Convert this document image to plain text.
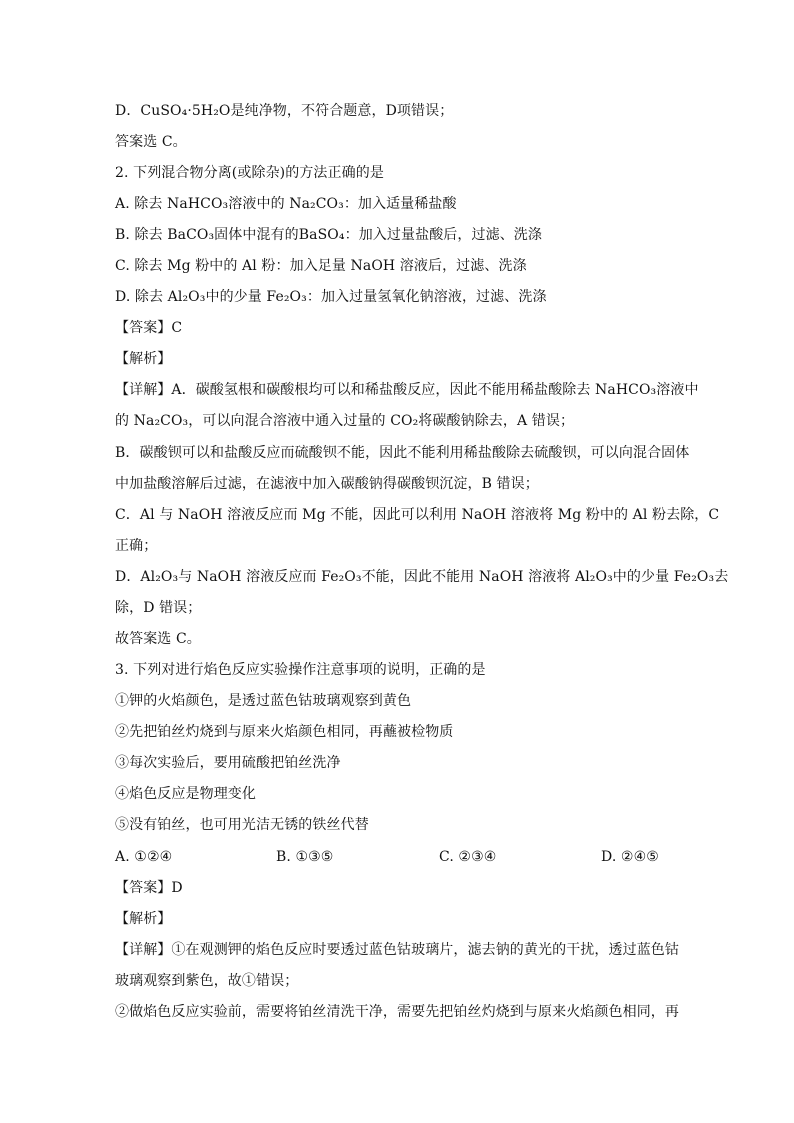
D．CuSO₄·5H₂O是纯净物，不符合题意，D项错误；
答案选 C。
2. 下列混合物分离(或除杂)的方法正确的是
A. 除去 NaHCO₃溶液中的 Na₂CO₃：加入适量稀盐酸
B. 除去 BaCO₃固体中混有的BaSO₄：加入过量盐酸后，过滤、洗涤
C. 除去 Mg 粉中的 Al 粉：加入足量 NaOH 溶液后，过滤、洗涤
D. 除去 Al₂O₃中的少量 Fe₂O₃：加入过量氢氧化钠溶液，过滤、洗涤
【答案】C
【解析】
【详解】A．碳酸氢根和碳酸根均可以和稀盐酸反应，因此不能用稀盐酸除去 NaHCO₃溶液中
的 Na₂CO₃，可以向混合溶液中通入过量的 CO₂将碳酸钠除去，A 错误；
B．碳酸钡可以和盐酸反应而硫酸钡不能，因此不能利用稀盐酸除去硫酸钡，可以向混合固体
中加盐酸溶解后过滤，在滤液中加入碳酸钠得碳酸钡沉淀，B 错误；
C．Al 与 NaOH 溶液反应而 Mg 不能，因此可以利用 NaOH 溶液将 Mg 粉中的 Al 粉去除，C
正确；
D．Al₂O₃与 NaOH 溶液反应而 Fe₂O₃不能，因此不能用 NaOH 溶液将 Al₂O₃中的少量 Fe₂O₃去
除，D 错误；
故答案选 C。
3. 下列对进行焰色反应实验操作注意事项的说明，正确的是
①钾的火焰颜色，是透过蓝色钴玻璃观察到黄色
②先把铂丝灼烧到与原来火焰颜色相同，再蘸被检物质
③每次实验后，要用硫酸把铂丝洗净
④焰色反应是物理变化
⑤没有铂丝，也可用光洁无锈的铁丝代替
A. ①②④	B. ①③⑤	C. ②③④	D. ②④⑤
【答案】D
【解析】
【详解】①在观测钾的焰色反应时要透过蓝色钴玻璃片，滤去钠的黄光的干扰，透过蓝色钴
玻璃观察到紫色，故①错误；
②做焰色反应实验前，需要将铂丝清洗干净，需要先把铂丝灼烧到与原来火焰颜色相同，再
